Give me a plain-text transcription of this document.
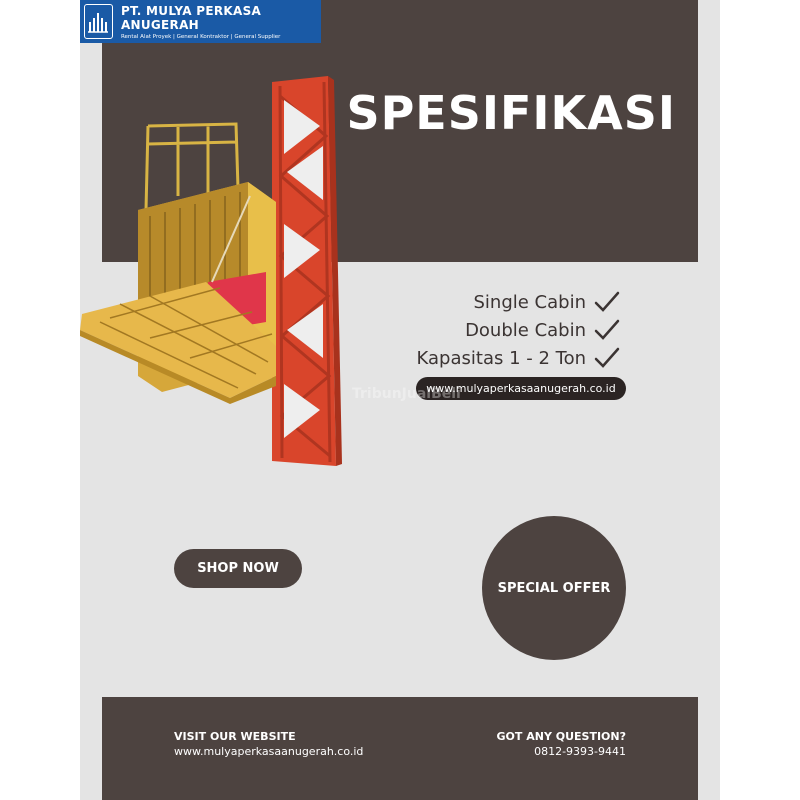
SPESIFIKASI
Single Cabin
Double Cabin
Kapasitas 1 - 2 Ton
www.mulyaperkasaanugerah.co.id
TribunJualBeli
SHOP NOW
SPECIAL OFFER
VISIT OUR WEBSITE
www.mulyaperkasaanugerah.co.id
GOT ANY QUESTION?
0812-9393-9441
PT. MULYA PERKASA ANUGERAH
Rental Alat Proyek | General Kontraktor | General Supplier
